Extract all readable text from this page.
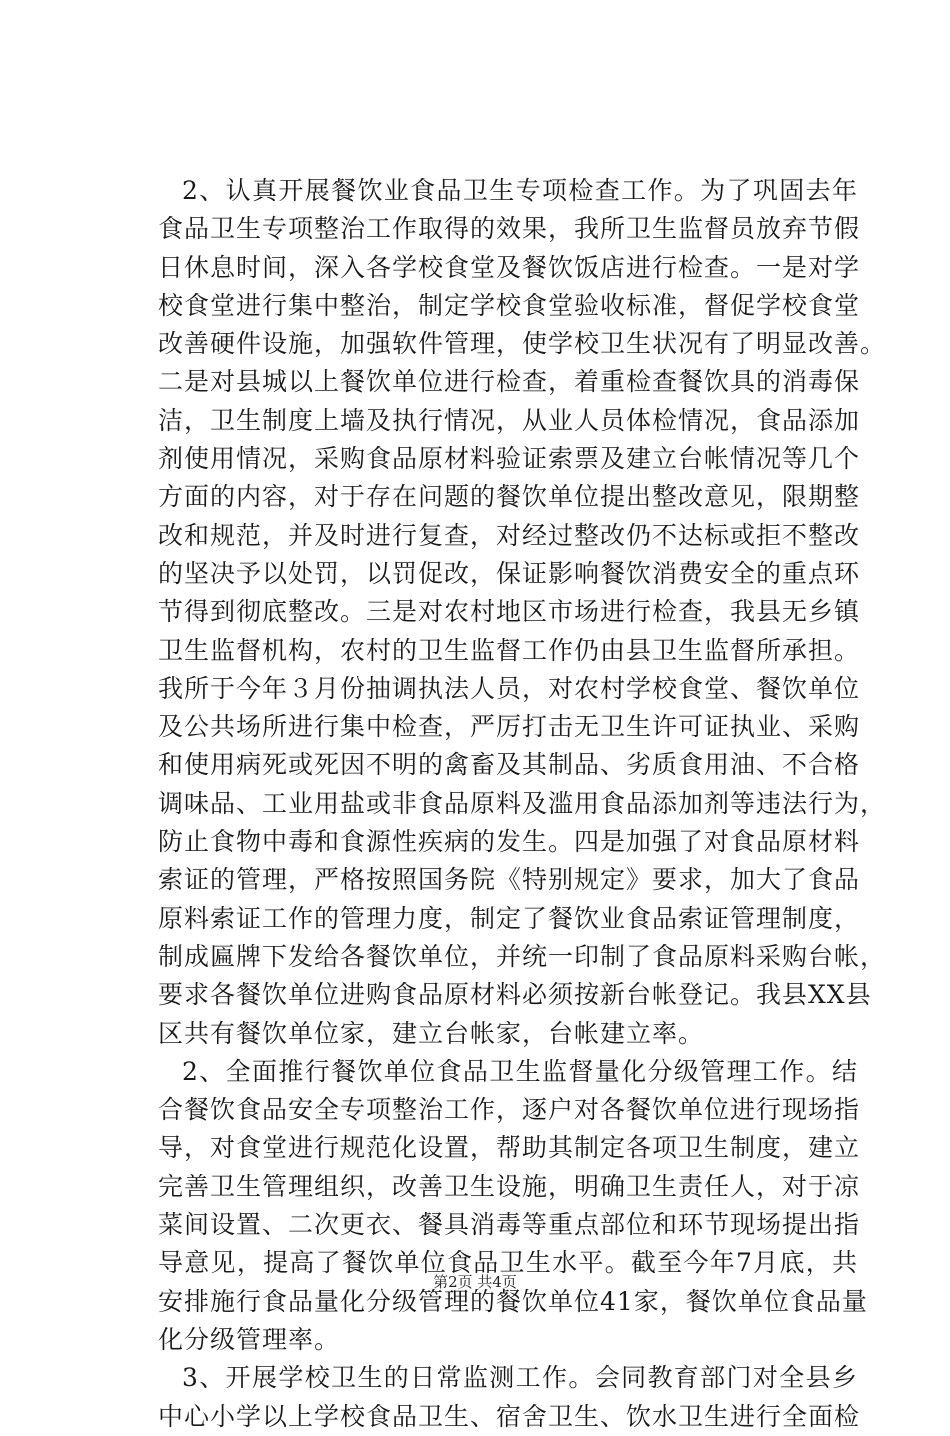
2、认真开展餐饮业食品卫生专项检查工作。为了巩固去年
食品卫生专项整治工作取得的效果，我所卫生监督员放弃节假
日休息时间，深入各学校食堂及餐饮饭店进行检查。一是对学
校食堂进行集中整治，制定学校食堂验收标准，督促学校食堂
改善硬件设施，加强软件管理，使学校卫生状况有了明显改善。
二是对县城以上餐饮单位进行检查，着重检查餐饮具的消毒保
洁，卫生制度上墙及执行情况，从业人员体检情况，食品添加
剂使用情况，采购食品原材料验证索票及建立台帐情况等几个
方面的内容，对于存在问题的餐饮单位提出整改意见，限期整
改和规范，并及时进行复查，对经过整改仍不达标或拒不整改
的坚决予以处罚，以罚促改，保证影响餐饮消费安全的重点环
节得到彻底整改。三是对农村地区市场进行检查，我县无乡镇
卫生监督机构，农村的卫生监督工作仍由县卫生监督所承担。
我所于今年３月份抽调执法人员，对农村学校食堂、餐饮单位
及公共场所进行集中检查，严厉打击无卫生许可证执业、采购
和使用病死或死因不明的禽畜及其制品、劣质食用油、不合格
调味品、工业用盐或非食品原料及滥用食品添加剂等违法行为，
防止食物中毒和食源性疾病的发生。四是加强了对食品原材料
索证的管理，严格按照国务院《特别规定》要求，加大了食品
原料索证工作的管理力度，制定了餐饮业食品索证管理制度，
制成匾牌下发给各餐饮单位，并统一印制了食品原料采购台帐，
要求各餐饮单位进购食品原材料必须按新台帐登记。我县XX县
区共有餐饮单位家，建立台帐家，台帐建立率。
2、全面推行餐饮单位食品卫生监督量化分级管理工作。结
合餐饮食品安全专项整治工作，逐户对各餐饮单位进行现场指
导，对食堂进行规范化设置，帮助其制定各项卫生制度，建立
完善卫生管理组织，改善卫生设施，明确卫生责任人，对于凉
菜间设置、二次更衣、餐具消毒等重点部位和环节现场提出指
导意见，提高了餐饮单位食品卫生水平。截至今年7月底，共
安排施行食品量化分级管理的餐饮单位41家，餐饮单位食品量
化分级管理率。
3、开展学校卫生的日常监测工作。会同教育部门对全县乡
中心小学以上学校食品卫生、宿舍卫生、饮水卫生进行全面检
第2页 共4页
